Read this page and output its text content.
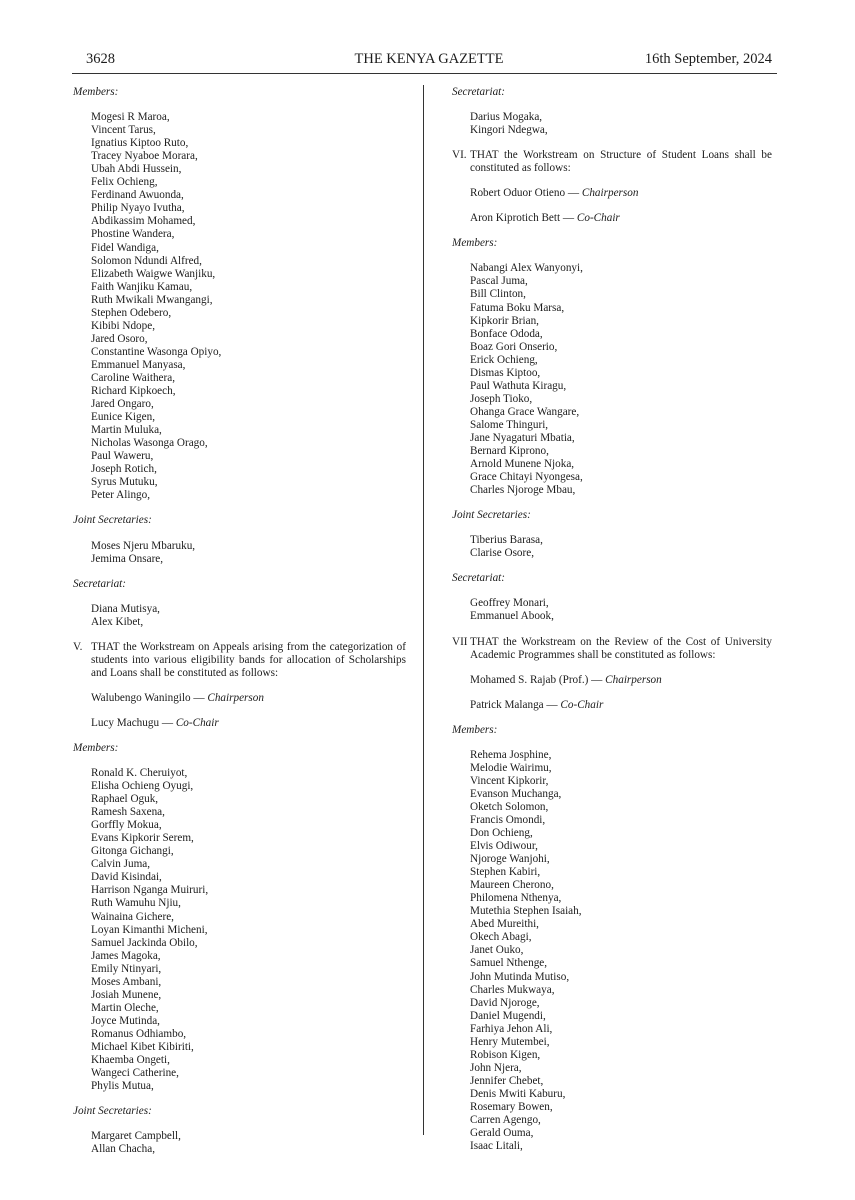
3628	THE KENYA GAZETTE	16th September, 2024
Members:
Mogesi R Maroa,
Vincent Tarus,
Ignatius Kiptoo Ruto,
Tracey Nyaboe Morara,
Ubah Abdi Hussein,
Felix Ochieng,
Ferdinand Awuonda,
Philip Nyayo Ivutha,
Abdikassim Mohamed,
Phostine Wandera,
Fidel Wandiga,
Solomon Ndundi Alfred,
Elizabeth Waigwe Wanjiku,
Faith Wanjiku Kamau,
Ruth Mwikali Mwangangi,
Stephen Odebero,
Kibibi Ndope,
Jared Osoro,
Constantine Wasonga Opiyo,
Emmanuel Manyasa,
Caroline Waithera,
Richard Kipkoech,
Jared Ongaro,
Eunice Kigen,
Martin Muluka,
Nicholas Wasonga Orago,
Paul Waweru,
Joseph Rotich,
Syrus Mutuku,
Peter Alingo,
Joint Secretaries:
Moses Njeru Mbaruku,
Jemima Onsare,
Secretariat:
Diana Mutisya,
Alex Kibet,
V. THAT the Workstream on Appeals arising from the categorization of students into various eligibility bands for allocation of Scholarships and Loans shall be constituted as follows:
Walubengo Waningilo — Chairperson
Lucy Machugu — Co-Chair
Members:
Ronald K. Cheruiyot,
Elisha Ochieng Oyugi,
Raphael Oguk,
Ramesh Saxena,
Gorffly Mokua,
Evans Kipkorir Serem,
Gitonga Gichangi,
Calvin Juma,
David Kisindai,
Harrison Nganga Muiruri,
Ruth Wamuhu Njiu,
Wainaina Gichere,
Loyan Kimanthi Micheni,
Samuel Jackinda Obilo,
James Magoka,
Emily Ntinyari,
Moses Ambani,
Josiah Munene,
Martin Oleche,
Joyce Mutinda,
Romanus Odhiambo,
Michael Kibet Kibiriti,
Khaemba Ongeti,
Wangeci Catherine,
Phylis Mutua,
Joint Secretaries:
Margaret Campbell,
Allan Chacha,
Secretariat:
Darius Mogaka,
Kingori Ndegwa,
VI. THAT the Workstream on Structure of Student Loans shall be constituted as follows:
Robert Oduor Otieno — Chairperson
Aron Kiprotich Bett — Co-Chair
Members:
Nabangi Alex Wanyonyi,
Pascal Juma,
Bill Clinton,
Fatuma Boku Marsa,
Kipkorir Brian,
Bonface Ododa,
Boaz Gori Onserio,
Erick Ochieng,
Dismas Kiptoo,
Paul Wathuta Kiragu,
Joseph Tioko,
Ohanga Grace Wangare,
Salome Thinguri,
Jane Nyagaturi Mbatia,
Bernard Kiprono,
Arnold Munene Njoka,
Grace Chitayi Nyongesa,
Charles Njoroge Mbau,
Joint Secretaries:
Tiberius Barasa,
Clarise Osore,
Secretariat:
Geoffrey Monari,
Emmanuel Abook,
VII THAT the Workstream on the Review of the Cost of University Academic Programmes shall be constituted as follows:
Mohamed S. Rajab (Prof.) — Chairperson
Patrick Malanga — Co-Chair
Members:
Rehema Josphine,
Melodie Wairimu,
Vincent Kipkorir,
Evanson Muchanga,
Oketch Solomon,
Francis Omondi,
Don Ochieng,
Elvis Odiwour,
Njoroge Wanjohi,
Stephen Kabiri,
Maureen Cherono,
Philomena Nthenya,
Mutethia Stephen Isaiah,
Abed Mureithi,
Okech Abagi,
Janet Ouko,
Samuel Nthenge,
John Mutinda Mutiso,
Charles Mukwaya,
David Njoroge,
Daniel Mugendi,
Farhiya Jehon Ali,
Henry Mutembei,
Robison Kigen,
John Njera,
Jennifer Chebet,
Denis Mwiti Kaburu,
Rosemary Bowen,
Carren Agengo,
Gerald Ouma,
Isaac Litali,
